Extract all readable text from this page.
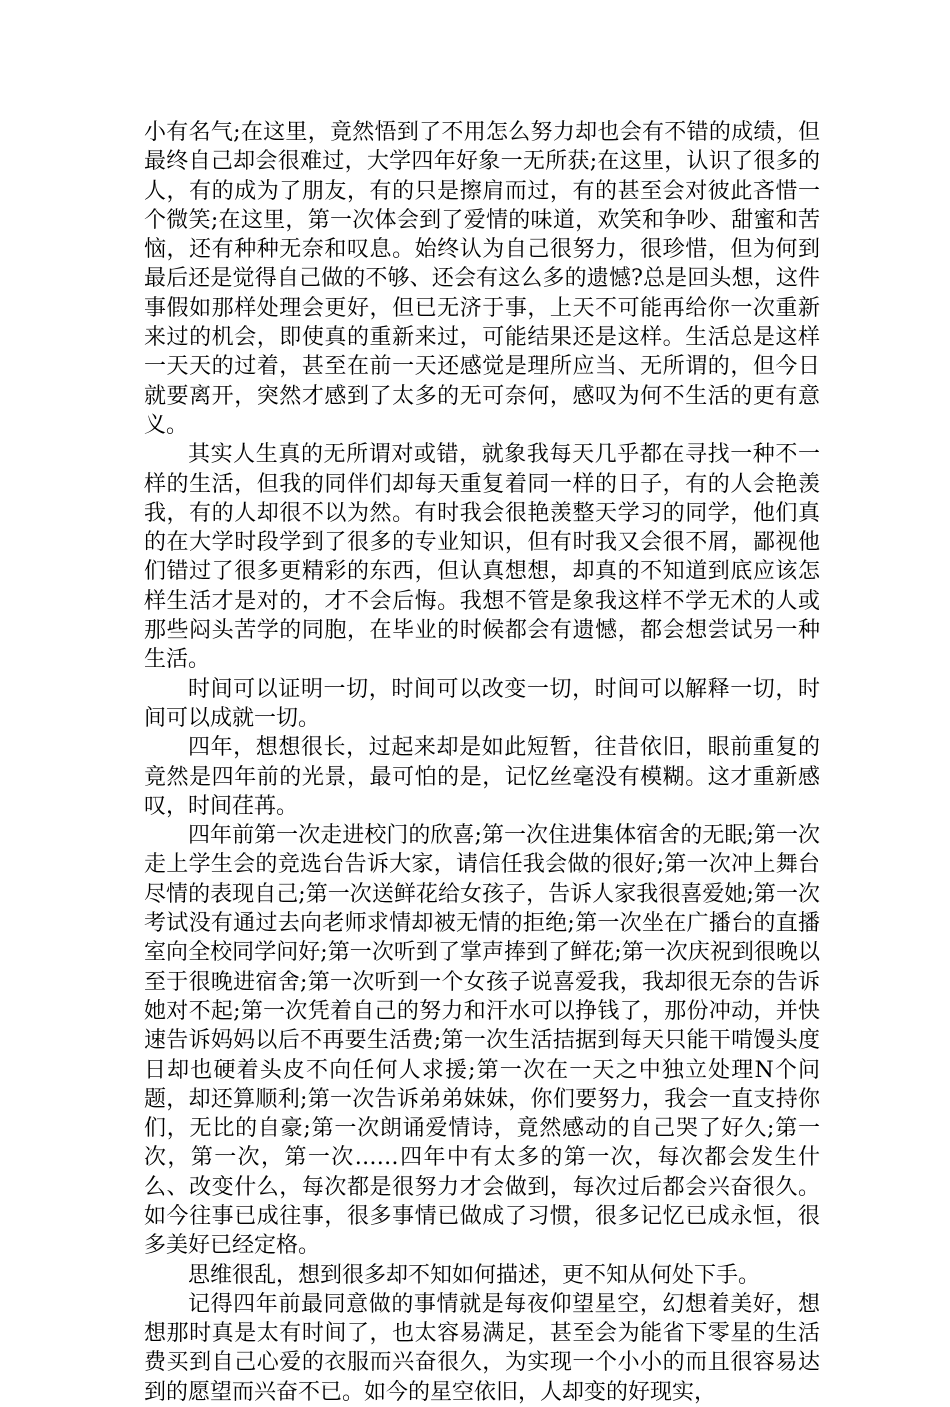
小有名气;在这里，竟然悟到了不用怎么努力却也会有不错的成绩，但最终自己却会很难过，大学四年好象一无所获;在这里，认识了很多的人，有的成为了朋友，有的只是擦肩而过，有的甚至会对彼此吝惜一个微笑;在这里，第一次体会到了爱情的味道，欢笑和争吵、甜蜜和苦恼，还有种种无奈和叹息。始终认为自己很努力，很珍惜，但为何到最后还是觉得自己做的不够、还会有这么多的遗憾?总是回头想，这件事假如那样处理会更好，但已无济于事，上天不可能再给你一次重新来过的机会，即使真的重新来过，可能结果还是这样。生活总是这样一天天的过着，甚至在前一天还感觉是理所应当、无所谓的，但今日就要离开，突然才感到了太多的无可奈何，感叹为何不生活的更有意义。

其实人生真的无所谓对或错，就象我每天几乎都在寻找一种不一样的生活，但我的同伴们却每天重复着同一样的日子，有的人会艳羡我，有的人却很不以为然。有时我会很艳羡整天学习的同学，他们真的在大学时段学到了很多的专业知识，但有时我又会很不屑，鄙视他们错过了很多更精彩的东西，但认真想想，却真的不知道到底应该怎样生活才是对的，才不会后悔。我想不管是象我这样不学无术的人或那些闷头苦学的同胞，在毕业的时候都会有遗憾，都会想尝试另一种生活。

时间可以证明一切，时间可以改变一切，时间可以解释一切，时间可以成就一切。

四年，想想很长，过起来却是如此短暂，往昔依旧，眼前重复的竟然是四年前的光景，最可怕的是，记忆丝毫没有模糊。这才重新感叹，时间荏苒。

四年前第一次走进校门的欣喜;第一次住进集体宿舍的无眠;第一次走上学生会的竞选台告诉大家，请信任我会做的很好;第一次冲上舞台尽情的表现自己;第一次送鲜花给女孩子，告诉人家我很喜爱她;第一次考试没有通过去向老师求情却被无情的拒绝;第一次坐在广播台的直播室向全校同学问好;第一次听到了掌声捧到了鲜花;第一次庆祝到很晚以至于很晚进宿舍;第一次听到一个女孩子说喜爱我，我却很无奈的告诉她对不起;第一次凭着自己的努力和汗水可以挣钱了，那份冲动，并快速告诉妈妈以后不再要生活费;第一次生活拮据到每天只能干啃馒头度日却也硬着头皮不向任何人求援;第一次在一天之中独立处理N个问题，却还算顺利;第一次告诉弟弟妹妹，你们要努力，我会一直支持你们，无比的自豪;第一次朗诵爱情诗，竟然感动的自己哭了好久;第一次，第一次，第一次……四年中有太多的第一次，每次都会发生什么、改变什么，每次都是很努力才会做到，每次过后都会兴奋很久。如今往事已成往事，很多事情已做成了习惯，很多记忆已成永恒，很多美好已经定格。

思维很乱，想到很多却不知如何描述，更不知从何处下手。

记得四年前最同意做的事情就是每夜仰望星空，幻想着美好，想想那时真是太有时间了，也太容易满足，甚至会为能省下零星的生活费买到自己心爱的衣服而兴奋很久，为实现一个小小的而且很容易达到的愿望而兴奋不已。如今的星空依旧，人却变的好现实，
